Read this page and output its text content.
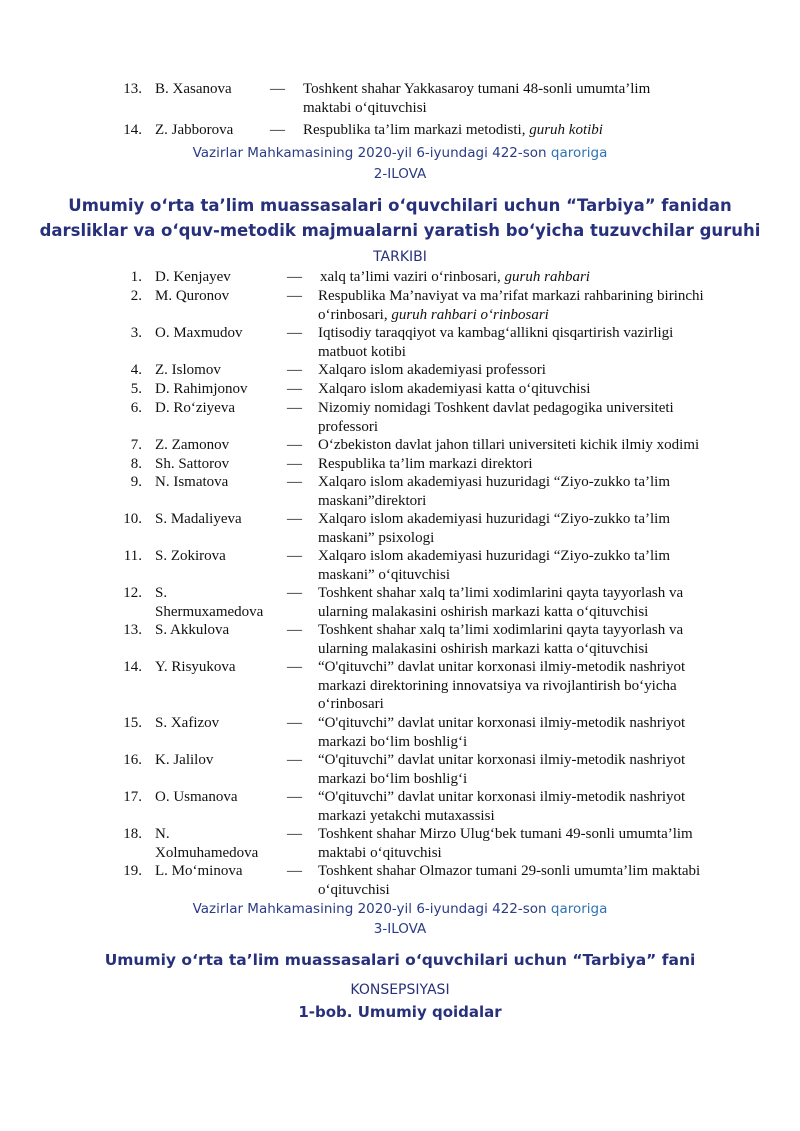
13. B. Xasanova	— Toshkent shahar Yakkasaroy tumani 48-sonli umumta’lim
maktabi o‘qituvchisi
14. Z. Jabborova — Respublika ta’lim markazi metodisti, guruh kotibi
Vazirlar Mahkamasining 2020-yil 6-iyundagi 422-son qaroriga
2-ILOVA
Umumiy o‘rta ta’lim muassasalari o‘quvchilari uchun “Tarbiya” fanidan
darsliklar va o‘quv-metodik majmualarni yaratish bo‘yicha tuzuvchilar guruhi
TARKIBI
1. D. Kenjayev	— xalq ta’limi vaziri o‘rinbosari, guruh rahbari
2. M. Quronov	— Respublika Ma’naviyat va ma’rifat markazi rahbarining birinchi
o‘rinbosari, guruh rahbari o‘rinbosari
3. O. Maxmudov	— Iqtisodiy taraqqiyot va kambag‘allikni qisqartirish vazirligi
matbuot kotibi
4. Z. Islomov	— Xalqaro islom akademiyasi professori
5. D. Rahimjonov	— Xalqaro islom akademiyasi katta o‘qituvchisi
6. D. Ro‘ziyeva	— Nizomiy nomidagi Toshkent davlat pedagogika universiteti
professori
7. Z. Zamonov	— O‘zbekiston davlat jahon tillari universiteti kichik ilmiy xodimi
8. Sh. Sattorov	— Respublika ta’lim markazi direktori
9. N. Ismatova	— Xalqaro islom akademiyasi huzuridagi “Ziyo-zukko ta’lim
maskani”direktori
10. S. Madaliyeva	— Xalqaro islom akademiyasi huzuridagi “Ziyo-zukko ta’lim
maskani” psixologi
11. S. Zokirova	— Xalqaro islom akademiyasi huzuridagi “Ziyo-zukko ta’lim
maskani” o‘qituvchisi
12. S.
Shermuxamedova
— Toshkent shahar xalq ta’limi xodimlarini qayta tayyorlash va
ularning malakasini oshirish markazi katta o‘qituvchisi
13. S. Akkulova	— Toshkent shahar xalq ta’limi xodimlarini qayta tayyorlash va
ularning malakasini oshirish markazi katta o‘qituvchisi
14. Y. Risyukova	— “O'qituvchi” davlat unitar korxonasi ilmiy-metodik nashriyot
markazi direktorining innovatsiya va rivojlantirish bo‘yicha
o‘rinbosari
15. S. Xafizov	— “O'qituvchi” davlat unitar korxonasi ilmiy-metodik nashriyot
markazi bo‘lim boshlig‘i
16. K. Jalilov	— “O'qituvchi” davlat unitar korxonasi ilmiy-metodik nashriyot
markazi bo‘lim boshlig‘i
17. O. Usmanova	— “O'qituvchi” davlat unitar korxonasi ilmiy-metodik nashriyot
markazi yetakchi mutaxassisi
18. N.
Xolmuhamedova
— Toshkent shahar Mirzo Ulug‘bek tumani 49-sonli umumta’lim
maktabi o‘qituvchisi
19. L. Mo‘minova	— Toshkent shahar Olmazor tumani 29-sonli umumta’lim maktabi
o‘qituvchisi
Vazirlar Mahkamasining 2020-yil 6-iyundagi 422-son qaroriga
3-ILOVA
Umumiy o‘rta ta’lim muassasalari o‘quvchilari uchun “Tarbiya” fani
KONSEPSIYASI
1-bob. Umumiy qoidalar
